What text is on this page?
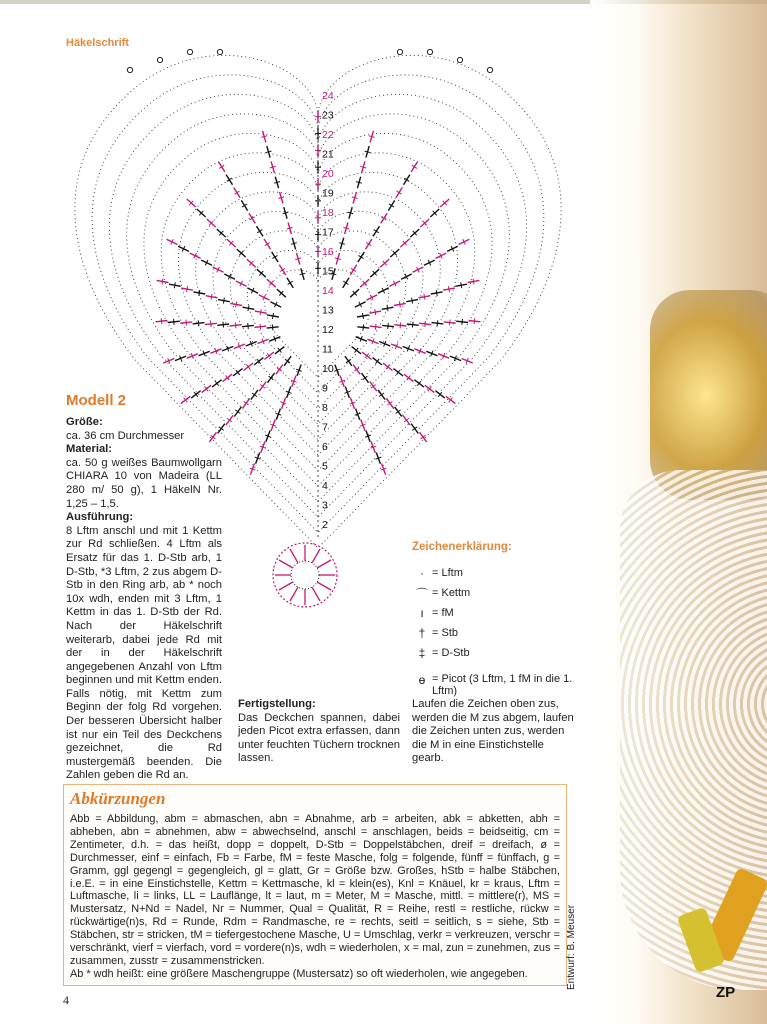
Häkelschrift
2
3
4
5
6
7
8
9
10
11
12
13
14
15
16
17
18
19
20
21
22
23
24
Modell 2
Größe:
ca. 36 cm Durchmesser
Material:
ca. 50 g weißes Baumwollgarn CHIARA 10 von Madeira (LL 280 m/ 50 g), 1 HäkelN Nr. 1,25 – 1,5.
Ausführung:
8 Lftm anschl und mit 1 Kettm zur Rd schließen. 4 Lftm als Ersatz für das 1. D-Stb arb, 1 D-Stb, *3 Lftm, 2 zus abgem D-Stb in den Ring arb, ab * noch 10x wdh, enden mit 3 Lftm, 1 Kettm in das 1. D-Stb der Rd. Nach der Häkelschrift weiterarb, dabei jede Rd mit der in der Häkelschrift angegebenen Anzahl von Lftm beginnen und mit Kettm enden. Falls nötig, mit Kettm zum Beginn der folg Rd vorgehen. Der besseren Übersicht halber ist nur ein Teil des Deckchens gezeichnet, die Rd mustergemäß beenden. Die Zahlen geben die Rd an.
Fertigstellung:
Das Deckchen spannen, dabei jeden Picot extra erfassen, dann unter feuchten Tüchern trocknen lassen.
Zeichenerklärung:
· = Lftm
⌒ = Kettm
ı = fM
† = Stb
‡ = D-Stb
ɵ = Picot (3 Lftm, 1 fM in die 1. Lftm)
Laufen die Zeichen oben zus, werden die M zus abgem, laufen die Zeichen unten zus, werden die M in eine Einstichstelle gearb.
Abkürzungen
Abb = Abbildung, abm = abmaschen, abn = Abnahme, arb = arbeiten, abk = abketten, abh = abheben, abn = abnehmen, abw = abwechselnd, anschl = anschlagen, beids = beidseitig, cm = Zentimeter, d.h. = das heißt, dopp = doppelt, D-Stb = Doppelstäbchen, dreif = dreifach, ø = Durchmesser, einf = einfach, Fb = Farbe, fM = feste Masche, folg = folgende, fünff = fünffach, g = Gramm, ggl gegengl = gegengleich, gl = glatt, Gr = Größe bzw. Großes, hStb = halbe Stäbchen, i.e.E. = in eine Einstichstelle, Kettm = Kettmasche, kl = klein(es), Knl = Knäuel, kr = kraus, Lftm = Luftmasche, li = links, LL = Lauflänge, lt = laut, m = Meter, M = Masche, mittl. = mittlere(r), MS = Mustersatz, N+Nd = Nadel, Nr = Nummer, Qual = Qualität, R = Reihe, restl = restliche, rückw = rückwärtige(n)s, Rd = Runde, Rdm = Randmasche, re = rechts, seitl = seitlich, s = siehe, Stb = Stäbchen, str = stricken, tM = tiefergestochene Masche, U = Umschlag, verkr = verkreuzen, verschr = verschränkt, vierf = vierfach, vord = vordere(n)s, wdh = wiederholen, x = mal, zun = zunehmen, zus = zusammen, zusstr = zusammenstricken.
Ab * wdh heißt: eine größere Maschengruppe (Mustersatz) so oft wiederholen, wie angegeben.	Entwurf: B. Meuser
4	ZP
